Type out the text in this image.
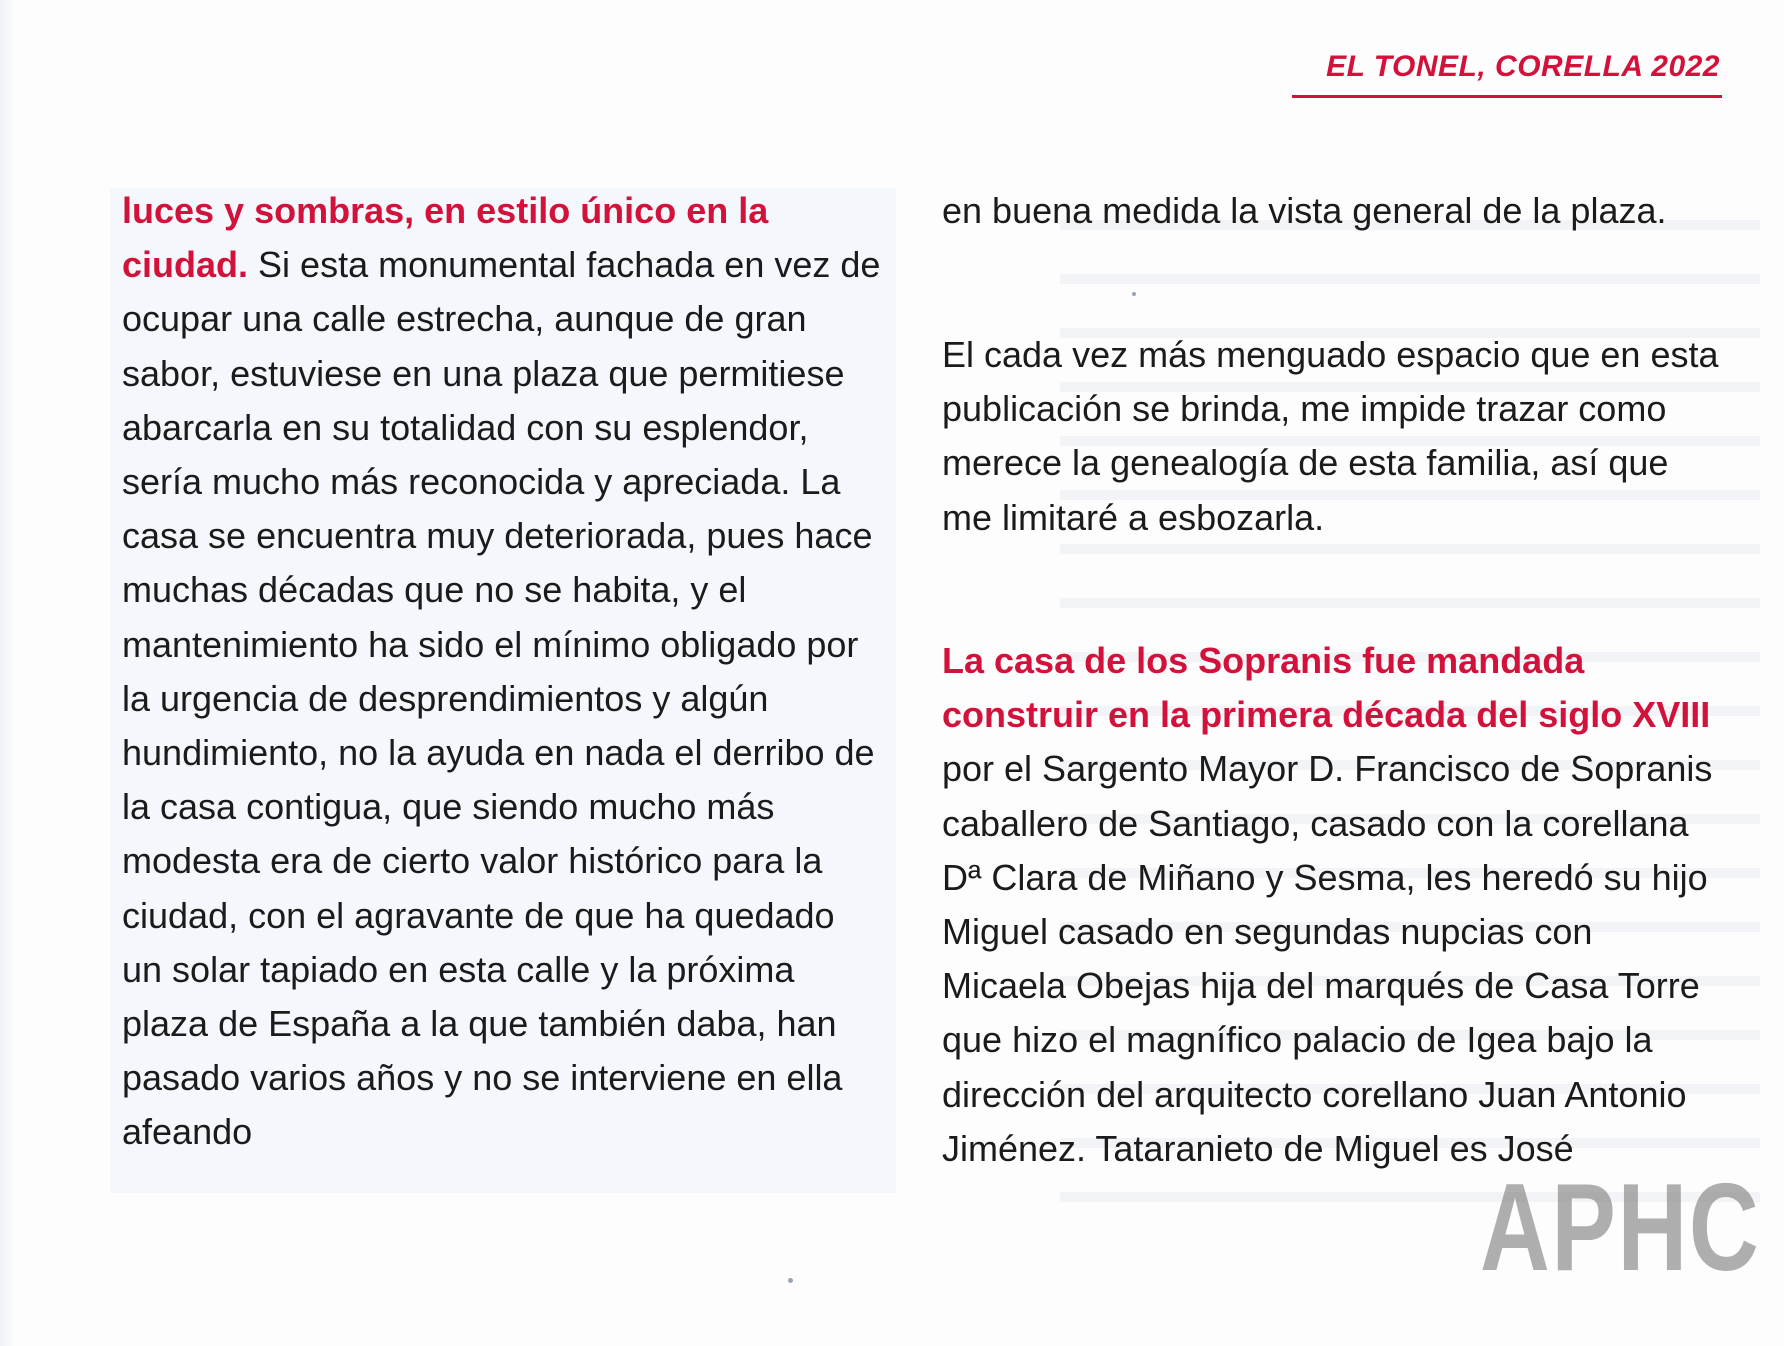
EL TONEL, CORELLA 2022

luces y sombras, en estilo único en la ciudad. Si esta monumental fachada en vez de ocupar una calle estrecha, aunque de gran sabor, estuviese en una plaza que permitiese abarcarla en su totalidad con su esplendor, sería mucho más reconocida y apreciada. La casa se encuentra muy deteriorada, pues hace muchas décadas que no se habita, y el mantenimiento ha sido el mínimo obligado por la urgencia de desprendimientos y algún hundimiento, no la ayuda en nada el derribo de la casa contigua, que siendo mucho más modesta era de cierto valor histórico para la ciudad, con el agravante de que ha quedado un solar tapiado en esta calle y la próxima plaza de España a la que también daba, han pasado varios años y no se interviene en ella afeando

en buena medida la vista general de la plaza.

El cada vez más menguado espacio que en esta publicación se brinda, me impide trazar como merece la genealogía de esta familia, así que me limitaré a esbozarla.

La casa de los Sopranis fue mandada construir en la primera década del siglo XVIII por el Sargento Mayor D. Francisco de Sopranis caballero de Santiago, casado con la corellana Dª Clara de Miñano y Sesma, les heredó su hijo Miguel casado en segundas nupcias con Micaela Obejas hija del marqués de Casa Torre que hizo el magnífico palacio de Igea bajo la dirección del arquitecto corellano Juan Antonio Jiménez. Tataranieto de Miguel es José

APHC
